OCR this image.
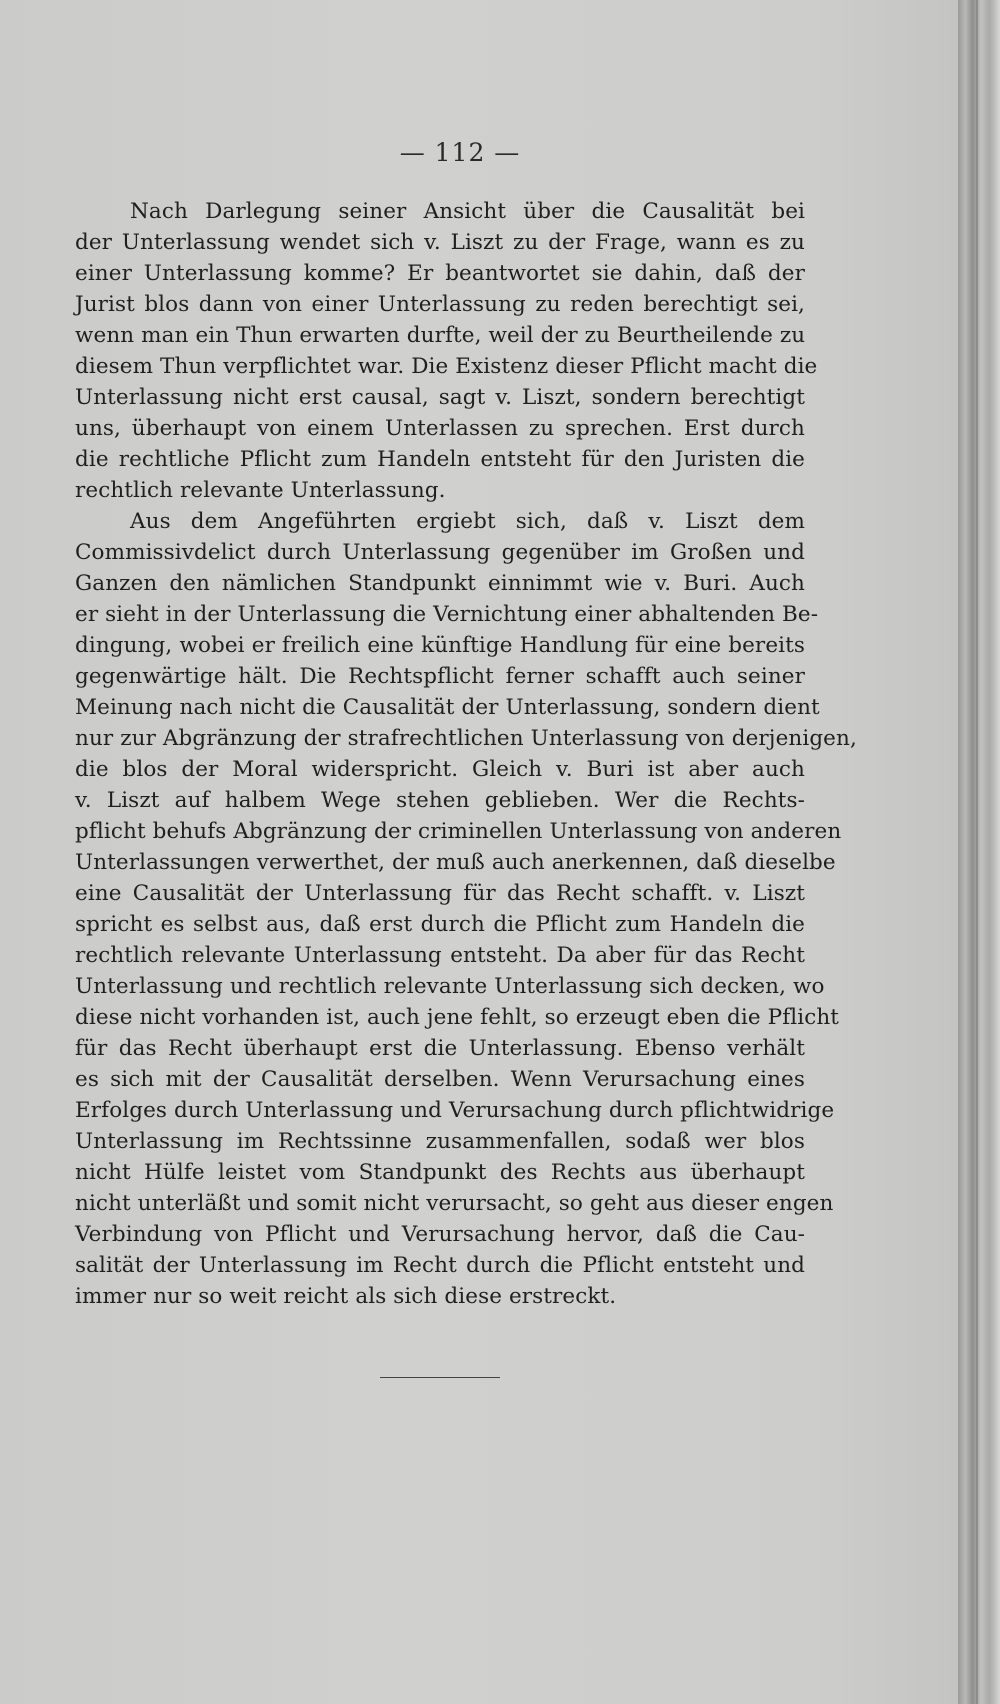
— 112 —
Nach Darlegung seiner Ansicht über die Causalität bei
der Unterlassung wendet sich v. Liszt zu der Frage, wann es zu
einer Unterlassung komme? Er beantwortet sie dahin, daß der
Jurist blos dann von einer Unterlassung zu reden berechtigt sei,
wenn man ein Thun erwarten durfte, weil der zu Beurtheilende zu
diesem Thun verpflichtet war. Die Existenz dieser Pflicht macht die
Unterlassung nicht erst causal, sagt v. Liszt, sondern berechtigt
uns, überhaupt von einem Unterlassen zu sprechen. Erst durch
die rechtliche Pflicht zum Handeln entsteht für den Juristen die
rechtlich relevante Unterlassung.
Aus dem Angeführten ergiebt sich, daß v. Liszt dem
Commissivdelict durch Unterlassung gegenüber im Großen und
Ganzen den nämlichen Standpunkt einnimmt wie v. Buri. Auch
er sieht in der Unterlassung die Vernichtung einer abhaltenden Be-
dingung, wobei er freilich eine künftige Handlung für eine bereits
gegenwärtige hält. Die Rechtspflicht ferner schafft auch seiner
Meinung nach nicht die Causalität der Unterlassung, sondern dient
nur zur Abgränzung der strafrechtlichen Unterlassung von derjenigen,
die blos der Moral widerspricht. Gleich v. Buri ist aber auch
v. Liszt auf halbem Wege stehen geblieben. Wer die Rechts-
pflicht behufs Abgränzung der criminellen Unterlassung von anderen
Unterlassungen verwerthet, der muß auch anerkennen, daß dieselbe
eine Causalität der Unterlassung für das Recht schafft. v. Liszt
spricht es selbst aus, daß erst durch die Pflicht zum Handeln die
rechtlich relevante Unterlassung entsteht. Da aber für das Recht
Unterlassung und rechtlich relevante Unterlassung sich decken, wo
diese nicht vorhanden ist, auch jene fehlt, so erzeugt eben die Pflicht
für das Recht überhaupt erst die Unterlassung. Ebenso verhält
es sich mit der Causalität derselben. Wenn Verursachung eines
Erfolges durch Unterlassung und Verursachung durch pflichtwidrige
Unterlassung im Rechtssinne zusammenfallen, sodaß wer blos
nicht Hülfe leistet vom Standpunkt des Rechts aus überhaupt
nicht unterläßt und somit nicht verursacht, so geht aus dieser engen
Verbindung von Pflicht und Verursachung hervor, daß die Cau-
salität der Unterlassung im Recht durch die Pflicht entsteht und
immer nur so weit reicht als sich diese erstreckt.
